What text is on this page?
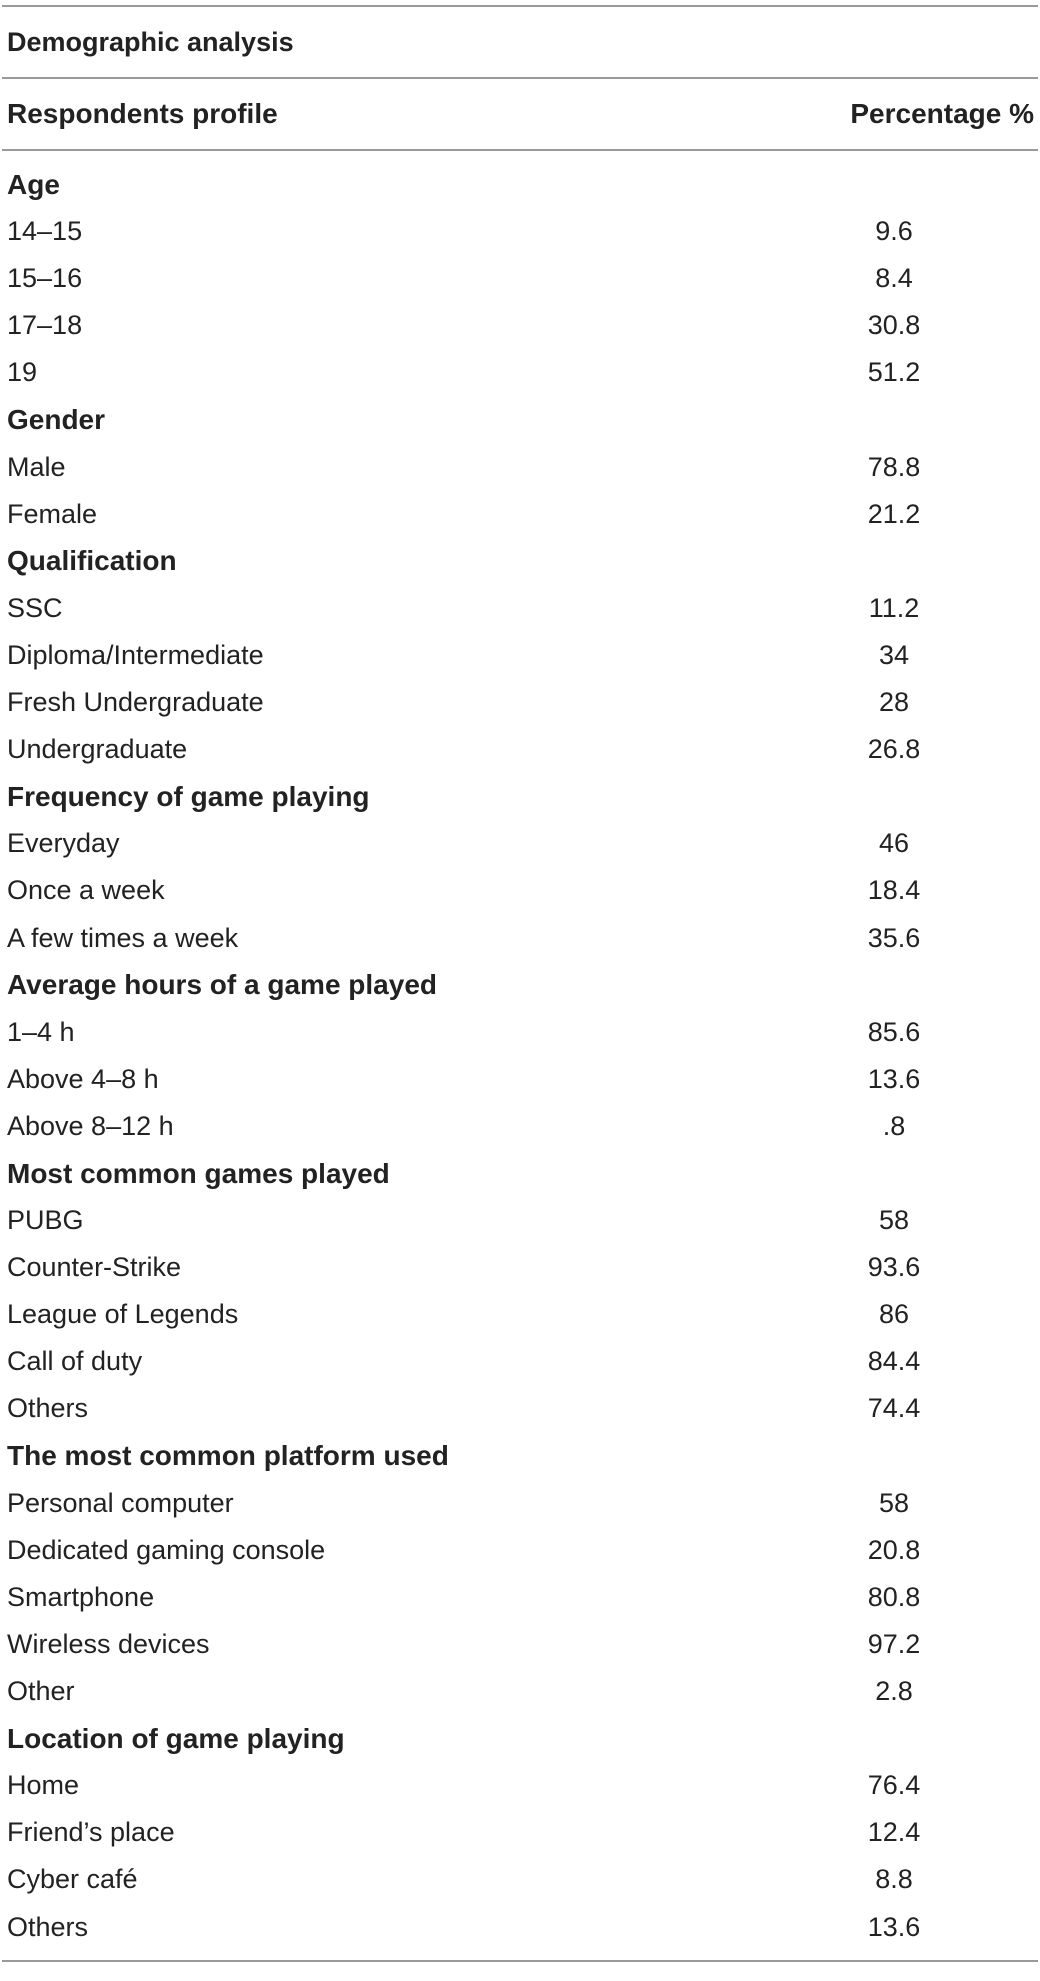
Demographic analysis
Respondents profile	Percentage %
Age
14–15	9.6
15–16	8.4
17–18	30.8
19	51.2
Gender
Male	78.8
Female	21.2
Qualification
SSC	11.2
Diploma/Intermediate	34
Fresh Undergraduate	28
Undergraduate	26.8
Frequency of game playing
Everyday	46
Once a week	18.4
A few times a week	35.6
Average hours of a game played
1–4 h	85.6
Above 4–8 h	13.6
Above 8–12 h	.8
Most common games played
PUBG	58
Counter-Strike	93.6
League of Legends	86
Call of duty	84.4
Others	74.4
The most common platform used
Personal computer	58
Dedicated gaming console	20.8
Smartphone	80.8
Wireless devices	97.2
Other	2.8
Location of game playing
Home	76.4
Friend’s place	12.4
Cyber café	8.8
Others	13.6
